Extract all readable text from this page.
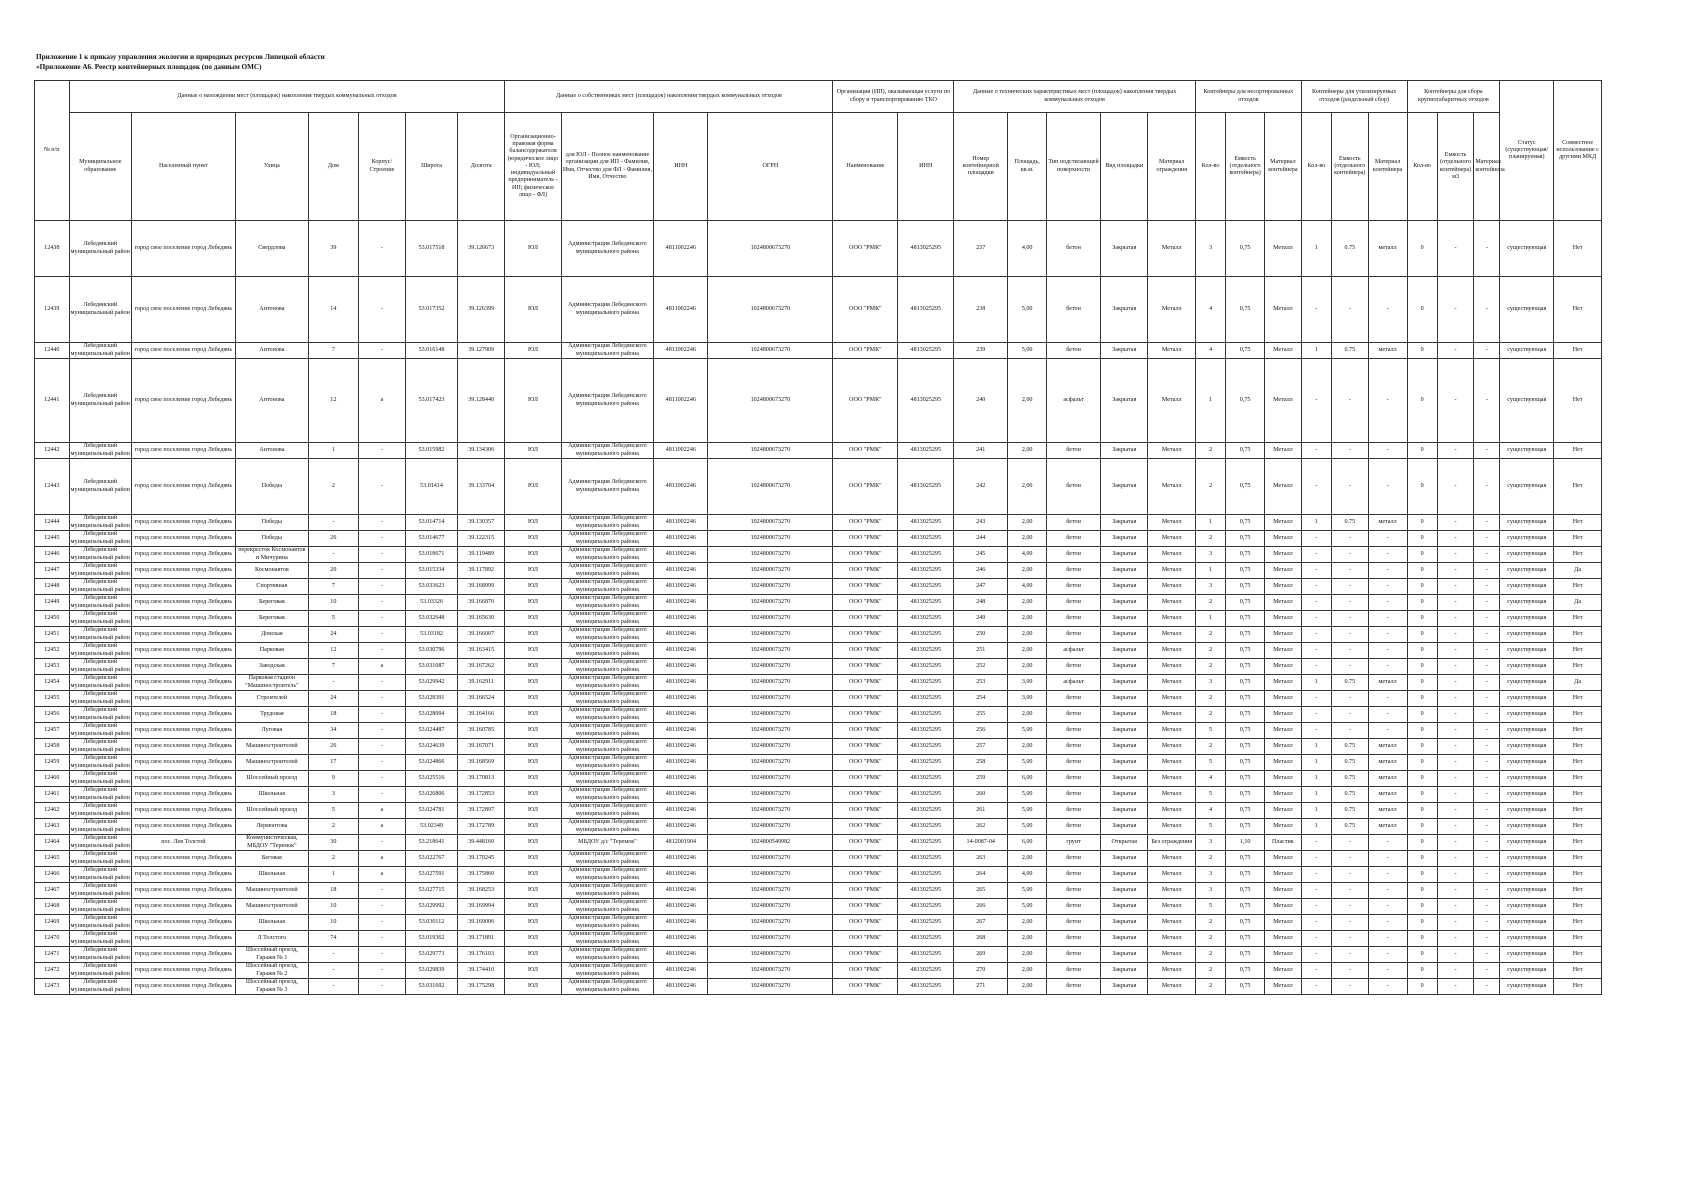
Приложение 1 к приказу управления экологии и природных ресурсов Липецкой области
«Приложение А6. Реестр контейнерных площадок (по данным ОМС)
№ п/п	Данные о нахождении мест (площадок) накопления твердых коммунальных отходов							Данные о собственниках мест (площадок) накопления твердых коммунальных отходов				Организация (ИП), оказывающая услуги по сбору и транспортированию ТКО		Данные о технических характеристиках мест (площадок) накопления твердых коммунальных отходов					Контейнеры для несортированных отходов			Контейнеры для утилизируемых отходов (раздельный сбор)			Контейнеры для сбора крупногабаритных отходов			Статус (существующая/ планируемая)	Совместное использование с другими МКД
	Муниципальное образование	Населенный пункт	Улица	Дом	Корпус/Строение	Широта	Долгота	Организационно-правовая форма балансодержателя (юридическое лицо - ЮЛ; индивидуальный предприниматель - ИП; физическое лицо - ФЛ)	для ЮЛ - Полное наименование организации для ИП - Фамилия, Имя, Отчество для ФЛ - Фамилия, Имя, Отчество	ИНН	ОГРН	Наименование	ИНН	Номер контейнерной площадки	Площадь, кв.м.	Тип подстилающей поверхности	Вид площадки	Материал ограждения	Кол-во	Емкость (отдельного контейнера)	Материал контейнера	Кол-во	Емкость (отдельного контейнера)	Материал контейнера	Кол-во	Емкость (отдельного контейнера) м3	Материал контейнера		
12438	Лебедянский муниципальный район	город свое поселение город Лебедянь	Свердлова	39	-	53.017518	39.126673	ЮЛ	Администрация Лебедянского муниципального района	4811002246	1024800673270	ООО "РМК"	4813025295	237	4,00	бетон	Закрытая	Металл	3	0,75	Металл	1	0.75	металл	0	-	-	существующая	Нет
12439	Лебедянский муниципальный район	город свое поселение город Лебедянь	Антонова	14	-	53.017352	39.126399	ЮЛ	Администрация Лебедянского муниципального района	4811002246	1024800673270	ООО "РМК"	4813025295	238	5,00	бетон	Закрытая	Металл	4	0,75	Металл	-	-	-	0	-	-	существующая	Нет
12440	Лебедянский муниципальный район	город свое поселение город Лебедянь	Антонова	7	-	53.016148	39.127909	ЮЛ	Администрация Лебедянского муниципального района	4811002246	1024800673270	ООО "РМК"	4813025295	239	5,00	бетон	Закрытая	Металл	4	0,75	Металл	1	0.75	металл	0	-	-	существующая	Нет
12441	Лебедянский муниципальный район	город свое поселение город Лебедянь	Антонова	12	а	53.017423	39.128440	ЮЛ	Администрация Лебедянского муниципального района	4811002246	1024800673270	ООО "РМК"	4813025295	240	2,00	асфальт	Закрытая	Металл	1	0,75	Металл	-	-	-	0	-	-	существующая	Нет
12442	Лебедянский муниципальный район	город свое поселение город Лебедянь	Антонова	1	-	53.015982	39.134306	ЮЛ	Администрация Лебедянского муниципального района	4811002246	1024800673270	ООО "РМК"	4813025295	241	2,00	бетон	Закрытая	Металл	2	0,75	Металл	-	-	-	0	-	-	существующая	Нет
12443	Лебедянский муниципальный район	город свое поселение город Лебедянь	Победы	2	-	53.01414	39.133704	ЮЛ	Администрация Лебедянского муниципального района	4811002246	1024800673270	ООО "РМК"	4813025295	242	2,00	бетон	Закрытая	Металл	2	0,75	Металл	-	-	-	0	-	-	существующая	Нет
12444	Лебедянский муниципальный район	город свое поселение город Лебедянь	Победы	-	-	53.014714	39.130357	ЮЛ	Администрация Лебедянского муниципального района	4811002246	1024800673270	ООО "РМК"	4813025295	243	2,00	бетон	Закрытая	Металл	1	0,75	Металл	1	0.75	металл	0	-	-	существующая	Нет
12445	Лебедянский муниципальный район	город свое поселение город Лебедянь	Победы	26	-	53.014677	39.122315	ЮЛ	Администрация Лебедянского муниципального района	4811002246	1024800673270	ООО "РМК"	4813025295	244	2,00	бетон	Закрытая	Металл	2	0,75	Металл	-	-	-	0	-	-	существующая	Нет
12446	Лебедянский муниципальный район	город свое поселение город Лебедянь	перекресток Космонавтов и Мичурина	-	-	53.018671	39.119489	ЮЛ	Администрация Лебедянского муниципального района	4811002246	1024800673270	ООО "РМК"	4813025295	245	4,00	бетон	Закрытая	Металл	3	0,75	Металл	-	-	-	0	-	-	существующая	Нет
12447	Лебедянский муниципальный район	город свое поселение город Лебедянь	Космонавтов	20	-	53.015334	39.117892	ЮЛ	Администрация Лебедянского муниципального района	4811002246	1024800673270	ООО "РМК"	4813025295	246	2,00	бетон	Закрытая	Металл	1	0,75	Металл	-	-	-	0	-	-	существующая	Да
12448	Лебедянский муниципальный район	город свое поселение город Лебедянь	Спортивная	7	-	53.033623	39.168999	ЮЛ	Администрация Лебедянского муниципального района	4811002246	1024800673270	ООО "РМК"	4813025295	247	4,00	бетон	Закрытая	Металл	3	0,75	Металл	-	-	-	0	-	-	существующая	Нет
12449	Лебедянский муниципальный район	город свое поселение город Лебедянь	Береговая	10	-	53.03326	39.166870	ЮЛ	Администрация Лебедянского муниципального района	4811002246	1024800673270	ООО "РМК"	4813025295	248	2,00	бетон	Закрытая	Металл	2	0,75	Металл	-	-	-	0	-	-	существующая	Да
12450	Лебедянский муниципальный район	город свое поселение город Лебедянь	Береговая	5	-	53.032648	39.165630	ЮЛ	Администрация Лебедянского муниципального района	4811002246	1024800673270	ООО "РМК"	4813025295	249	2,00	бетон	Закрытая	Металл	1	0,75	Металл	-	-	-	0	-	-	существующая	Нет
12451	Лебедянский муниципальный район	город свое поселение город Лебедянь	Донская	24	-	53.03182	39.166007	ЮЛ	Администрация Лебедянского муниципального района	4811002246	1024800673270	ООО "РМК"	4813025295	250	2,00	бетон	Закрытая	Металл	2	0,75	Металл	-	-	-	0	-	-	существующая	Нет
12452	Лебедянский муниципальный район	город свое поселение город Лебедянь	Парковая	12	-	53.030796	39.163415	ЮЛ	Администрация Лебедянского муниципального района	4811002246	1024800673270	ООО "РМК"	4813025295	251	2,00	асфальт	Закрытая	Металл	2	0,75	Металл	-	-	-	0	-	-	существующая	Нет
12453	Лебедянский муниципальный район	город свое поселение город Лебедянь	Заводская	7	а	53.031087	39.167262	ЮЛ	Администрация Лебедянского муниципального района	4811002246	1024800673270	ООО "РМК"	4813025295	252	2,00	бетон	Закрытая	Металл	2	0,75	Металл	-	-	-	0	-	-	существующая	Нет
12454	Лебедянский муниципальный район	город свое поселение город Лебедянь	Парковая стадион "Машиностроитель"	-	-	53.029942	39.162911	ЮЛ	Администрация Лебедянского муниципального района	4811002246	1024800673270	ООО "РМК"	4813025295	253	3,00	асфальт	Закрытая	Металл	3	0,75	Металл	1	0.75	металл	0	-	-	существующая	Да
12455	Лебедянский муниципальный район	город свое поселение город Лебедянь	Строителей	24	-	53.028391	39.166524	ЮЛ	Администрация Лебедянского муниципального района	4811002246	1024800673270	ООО "РМК"	4813025295	254	3,00	бетон	Закрытая	Металл	2	0,75	Металл	-	-	-	0	-	-	существующая	Нет
12456	Лебедянский муниципальный район	город свое поселение город Лебедянь	Трудовая	18	-	53.028094	39.164166	ЮЛ	Администрация Лебедянского муниципального района	4811002246	1024800673270	ООО "РМК"	4813025295	255	2,00	бетон	Закрытая	Металл	2	0,75	Металл	-	-	-	0	-	-	существующая	Нет
12457	Лебедянский муниципальный район	город свое поселение город Лебедянь	Луговая	34	-	53.024487	39.160785	ЮЛ	Администрация Лебедянского муниципального района	4811002246	1024800673270	ООО "РМК"	4813025295	256	5,00	бетон	Закрытая	Металл	5	0,75	Металл	-	-	-	0	-	-	существующая	Нет
12458	Лебедянский муниципальный район	город свое поселение город Лебедянь	Машиностроителей	26	-	53.024639	39.167071	ЮЛ	Администрация Лебедянского муниципального района	4811002246	1024800673270	ООО "РМК"	4813025295	257	2,00	бетон	Закрытая	Металл	2	0,75	Металл	1	0.75	металл	0	-	-	существующая	Нет
12459	Лебедянский муниципальный район	город свое поселение город Лебедянь	Машиностроителей	17	-	53.024866	39.168569	ЮЛ	Администрация Лебедянского муниципального района	4811002246	1024800673270	ООО "РМК"	4813025295	258	5,00	бетон	Закрытая	Металл	5	0,75	Металл	1	0.75	металл	0	-	-	существующая	Нет
12460	Лебедянский муниципальный район	город свое поселение город Лебедянь	Шоссейный проезд	9	-	53.025516	39.170813	ЮЛ	Администрация Лебедянского муниципального района	4811002246	1024800673270	ООО "РМК"	4813025295	259	6,00	бетон	Закрытая	Металл	4	0,75	Металл	1	0.75	металл	0	-	-	существующая	Нет
12461	Лебедянский муниципальный район	город свое поселение город Лебедянь	Школьная	3	-	53.026806	39.172853	ЮЛ	Администрация Лебедянского муниципального района	4811002246	1024800673270	ООО "РМК"	4813025295	260	5,00	бетон	Закрытая	Металл	5	0,75	Металл	1	0.75	металл	0	-	-	существующая	Нет
12462	Лебедянский муниципальный район	город свое поселение город Лебедянь	Шоссейный проезд	5	а	53.024781	39.172897	ЮЛ	Администрация Лебедянского муниципального района	4811002246	1024800673270	ООО "РМК"	4813025295	261	5,00	бетон	Закрытая	Металл	4	0,75	Металл	1	0.75	металл	0	-	-	существующая	Нет
12463	Лебедянский муниципальный район	город свое поселение город Лебедянь	Лермонтова	2	а	53.02349	39.172789	ЮЛ	Администрация Лебедянского муниципального района	4811002246	1024800673270	ООО "РМК"	4813025295	262	5,00	бетон	Закрытая	Металл	5	0,75	Металл	1	0.75	металл	0	-	-	существующая	Нет
12464	Лебедянский муниципальный район	пос. Лев Толстой	Коммунистическая, МБДОУ "Теремок"	30	-	53.218641	39.448160	ЮЛ	МБДОУ д/с "Теремок"	4812001904	1024800549982	ООО "РМК"	4813025295	14-0087-04	6,00	грунт	Открытая	Без ограждения	3	1,10	Пластик	-	-	-	0	-	-	существующая	Нет
12465	Лебедянский муниципальный район	город свое поселение город Лебедянь	Беговая	2	а	53.022767	39.170245	ЮЛ	Администрация Лебедянского муниципального района	4811002246	1024800673270	ООО "РМК"	4813025295	263	2,00	бетон	Закрытая	Металл	2	0,75	Металл	-	-	-	0	-	-	существующая	Нет
12466	Лебедянский муниципальный район	город свое поселение город Лебедянь	Школьная	1	а	53.027591	39.175860	ЮЛ	Администрация Лебедянского муниципального района	4811002246	1024800673270	ООО "РМК"	4813025295	264	4,00	бетон	Закрытая	Металл	3	0,75	Металл	-	-	-	0	-	-	существующая	Нет
12467	Лебедянский муниципальный район	город свое поселение город Лебедянь	Машиностроителей	18	-	53.027715	39.168253	ЮЛ	Администрация Лебедянского муниципального района	4811002246	1024800673270	ООО "РМК"	4813025295	265	5,00	бетон	Закрытая	Металл	3	0,75	Металл	-	-	-	0	-	-	существующая	Нет
12468	Лебедянский муниципальный район	город свое поселение город Лебедянь	Машиностроителей	10	-	53.029992	39.169994	ЮЛ	Администрация Лебедянского муниципального района	4811002246	1024800673270	ООО "РМК"	4813025295	266	5,00	бетон	Закрытая	Металл	5	0,75	Металл	-	-	-	0	-	-	существующая	Нет
12469	Лебедянский муниципальный район	город свое поселение город Лебедянь	Школьная	10	-	53.030112	39.169006	ЮЛ	Администрация Лебедянского муниципального района	4811002246	1024800673270	ООО "РМК"	4813025295	267	2,00	бетон	Закрытая	Металл	2	0,75	Металл	-	-	-	0	-	-	существующая	Нет
12470	Лебедянский муниципальный район	город свое поселение город Лебедянь	Л Толстого	74	-	53.019362	39.171891	ЮЛ	Администрация Лебедянского муниципального района	4811002246	1024800673270	ООО "РМК"	4813025295	268	2,00	бетон	Закрытая	Металл	2	0,75	Металл	-	-	-	0	-	-	существующая	Нет
12471	Лебедянский муниципальный район	город свое поселение город Лебедянь	Шоссейный проезд, Гаражи № 1	-	-	53.029773	39.176103	ЮЛ	Администрация Лебедянского муниципального района	4811002246	1024800673270	ООО "РМК"	4813025295	269	2,00	бетон	Закрытая	Металл	2	0,75	Металл	-	-	-	0	-	-	существующая	Нет
12472	Лебедянский муниципальный район	город свое поселение город Лебедянь	Шоссейный проезд, Гаражи № 2	-	-	53.029839	39.174410	ЮЛ	Администрация Лебедянского муниципального района	4811002246	1024800673270	ООО "РМК"	4813025295	270	2,00	бетон	Закрытая	Металл	2	0,75	Металл	-	-	-	0	-	-	существующая	Нет
12473	Лебедянский муниципальный район	город свое поселение город Лебедянь	Шоссейный проезд, Гаражи № 3	-	-	53.031692	39.175298	ЮЛ	Администрация Лебедянского муниципального района	4811002246	1024800673270	ООО "РМК"	4813025295	271	2,00	бетон	Закрытая	Металл	2	0,75	Металл	-	-	-	0	-	-	существующая	Нет
